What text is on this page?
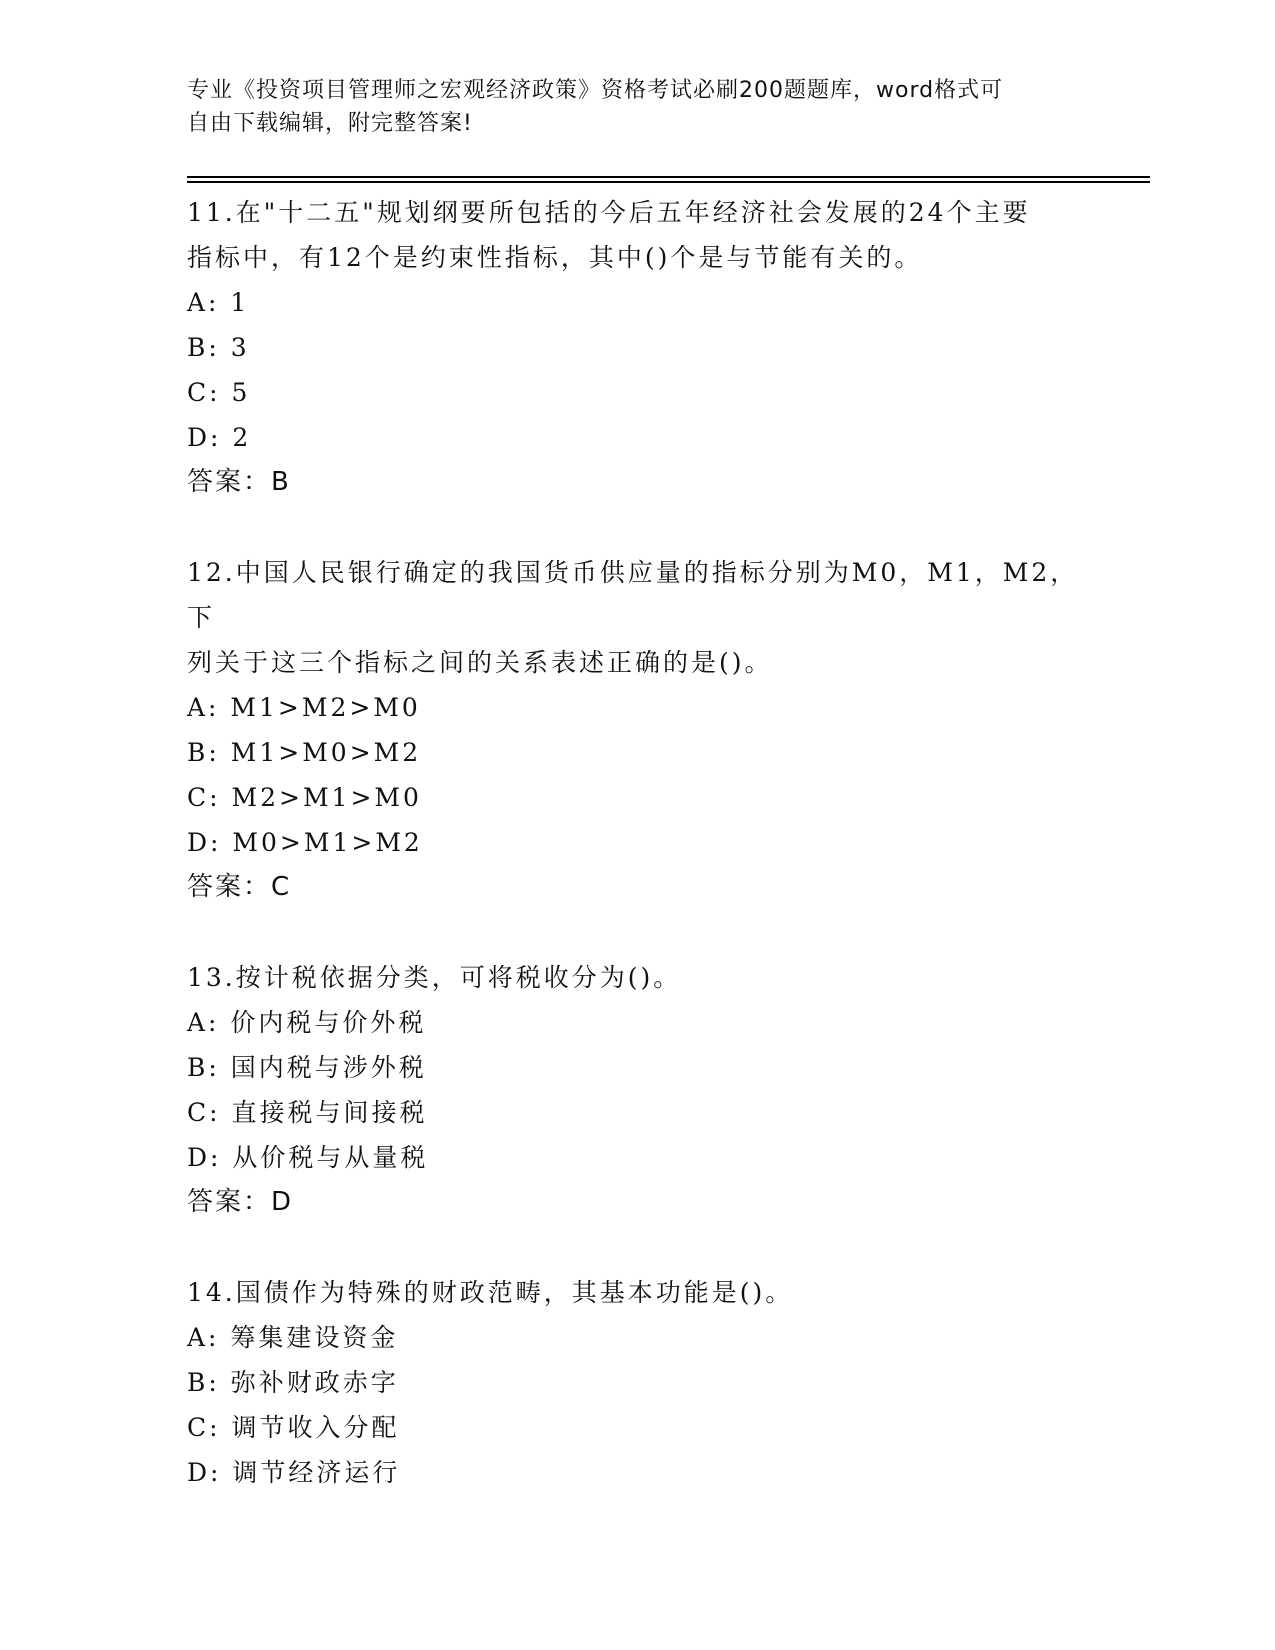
专业《投资项目管理师之宏观经济政策》资格考试必刷200题题库，word格式可
自由下载编辑，附完整答案!

11.在"十二五"规划纲要所包括的今后五年经济社会发展的24个主要

指标中，有12个是约束性指标，其中()个是与节能有关的。

A: 1

B: 3

C: 5

D: 2

答案：B

12.中国人民银行确定的我国货币供应量的指标分别为M0，M1，M2，下

列关于这三个指标之间的关系表述正确的是()。

A: M1>M2>M0

B: M1>M0>M2

C: M2>M1>M0

D: M0>M1>M2

答案：C

13.按计税依据分类，可将税收分为()。

A: 价内税与价外税

B: 国内税与涉外税

C: 直接税与间接税

D: 从价税与从量税

答案：D

14.国债作为特殊的财政范畴，其基本功能是()。

A: 筹集建设资金

B: 弥补财政赤字

C: 调节收入分配

D: 调节经济运行
